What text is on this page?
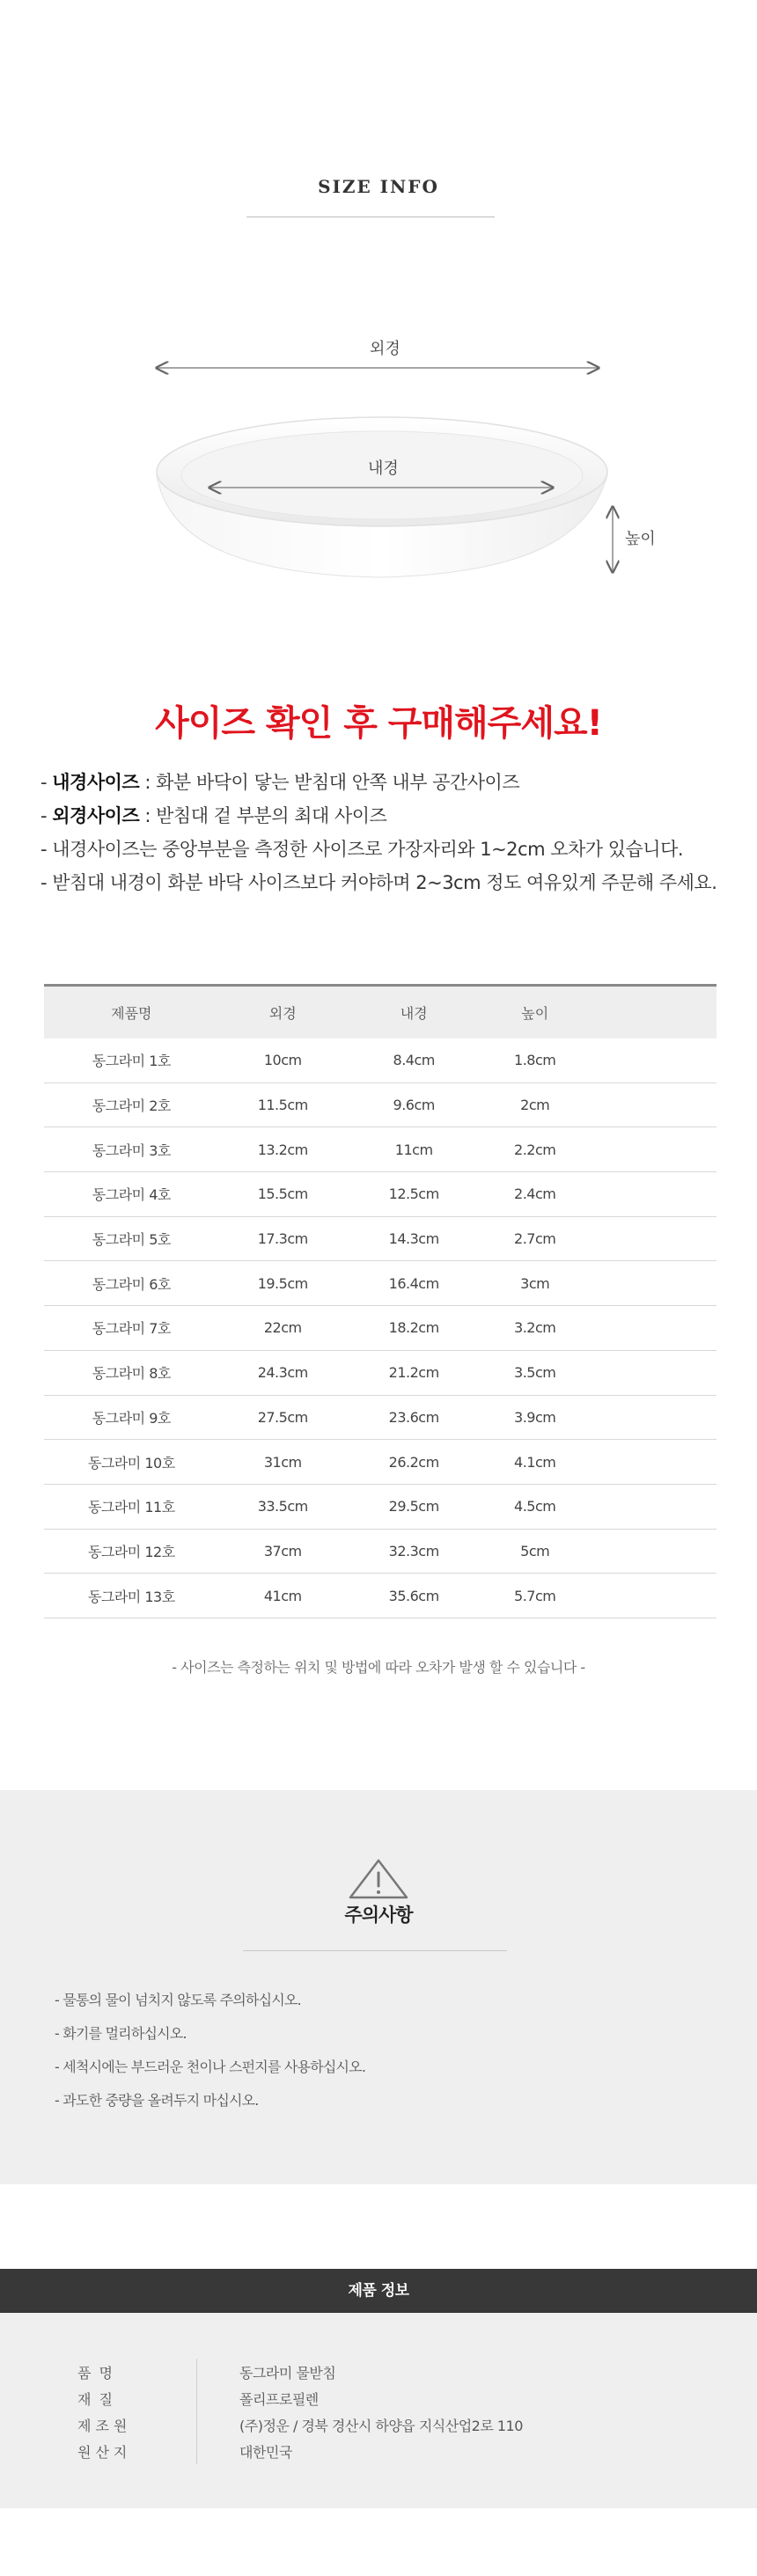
SIZE INFO
외경
내경
높이
사이즈 확인 후 구매해주세요!
- 내경사이즈 : 화분 바닥이 닿는 받침대 안쪽 내부 공간사이즈
- 외경사이즈 : 받침대 겉 부분의 최대 사이즈
- 내경사이즈는 중앙부분을 측정한 사이즈로 가장자리와 1~2cm 오차가 있습니다.
- 받침대 내경이 화분 바닥 사이즈보다 커야하며 2~3cm 정도 여유있게 주문해 주세요.
제품명	외경	내경	높이	
동그라미 1호	10cm	8.4cm	1.8cm	
동그라미 2호	11.5cm	9.6cm	2cm	
동그라미 3호	13.2cm	11cm	2.2cm	
동그라미 4호	15.5cm	12.5cm	2.4cm	
동그라미 5호	17.3cm	14.3cm	2.7cm	
동그라미 6호	19.5cm	16.4cm	3cm	
동그라미 7호	22cm	18.2cm	3.2cm	
동그라미 8호	24.3cm	21.2cm	3.5cm	
동그라미 9호	27.5cm	23.6cm	3.9cm	
동그라미 10호	31cm	26.2cm	4.1cm	
동그라미 11호	33.5cm	29.5cm	4.5cm	
동그라미 12호	37cm	32.3cm	5cm	
동그라미 13호	41cm	35.6cm	5.7cm	
- 사이즈는 측정하는 위치 및 방법에 따라 오차가 발생 할 수 있습니다 -
주의사항
- 물통의 물이 넘치지 않도록 주의하십시오.
- 화기를 멀리하십시오.
- 세척시에는 부드러운 천이나 스펀지를 사용하십시오.
- 과도한 중량을 올려두지 마십시오.
제품 정보
품명	동그라미 물받침
재질	폴리프로필렌
제조원	(주)정운 / 경북 경산시 하양읍 지식산업2로 110
원산지	대한민국
